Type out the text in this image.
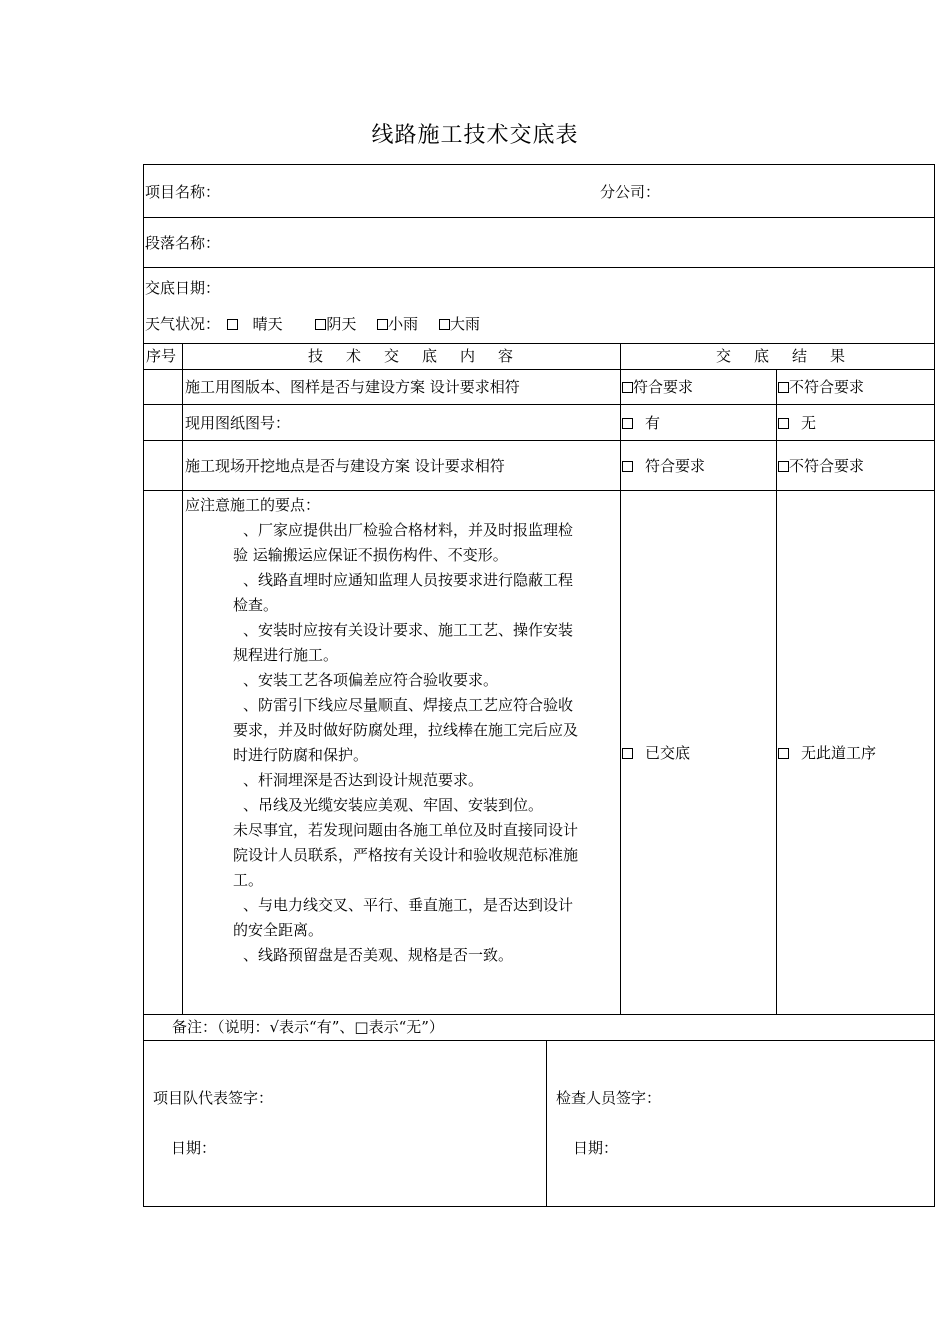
线路施工技术交底表
项目名称：	分公司：
段落名称：
交底日期：
天气状况： 晴天	阴天 小雨 大雨
序号	技　术　交　底　内　容	交　底　结　果
施工用图版本、图样是否与建设方案 设计要求相符	符合要求	不符合要求
现用图纸图号：	有	无
施工现场开挖地点是否与建设方案 设计要求相符	符合要求	不符合要求
应注意施工的要点：
、厂家应提供出厂检验合格材料，并及时报监理检
验 运输搬运应保证不损伤构件、不变形。
、线路直埋时应通知监理人员按要求进行隐蔽工程
检查。
、安装时应按有关设计要求、施工工艺、操作安装
规程进行施工。
、安装工艺各项偏差应符合验收要求。
、防雷引下线应尽量顺直、焊接点工艺应符合验收
要求，并及时做好防腐处理，拉线棒在施工完后应及
时进行防腐和保护。
、杆洞埋深是否达到设计规范要求。
、吊线及光缆安装应美观、牢固、安装到位。
未尽事宜，若发现问题由各施工单位及时直接同设计
院设计人员联系，严格按有关设计和验收规范标准施
工。
、与电力线交叉、平行、垂直施工，是否达到设计
的安全距离。
、线路预留盘是否美观、规格是否一致。
已交底	无此道工序
备注：（说明：√表示“有”、□表示“无”）
项目队代表签字：	检查人员签字：
日期：	日期：
